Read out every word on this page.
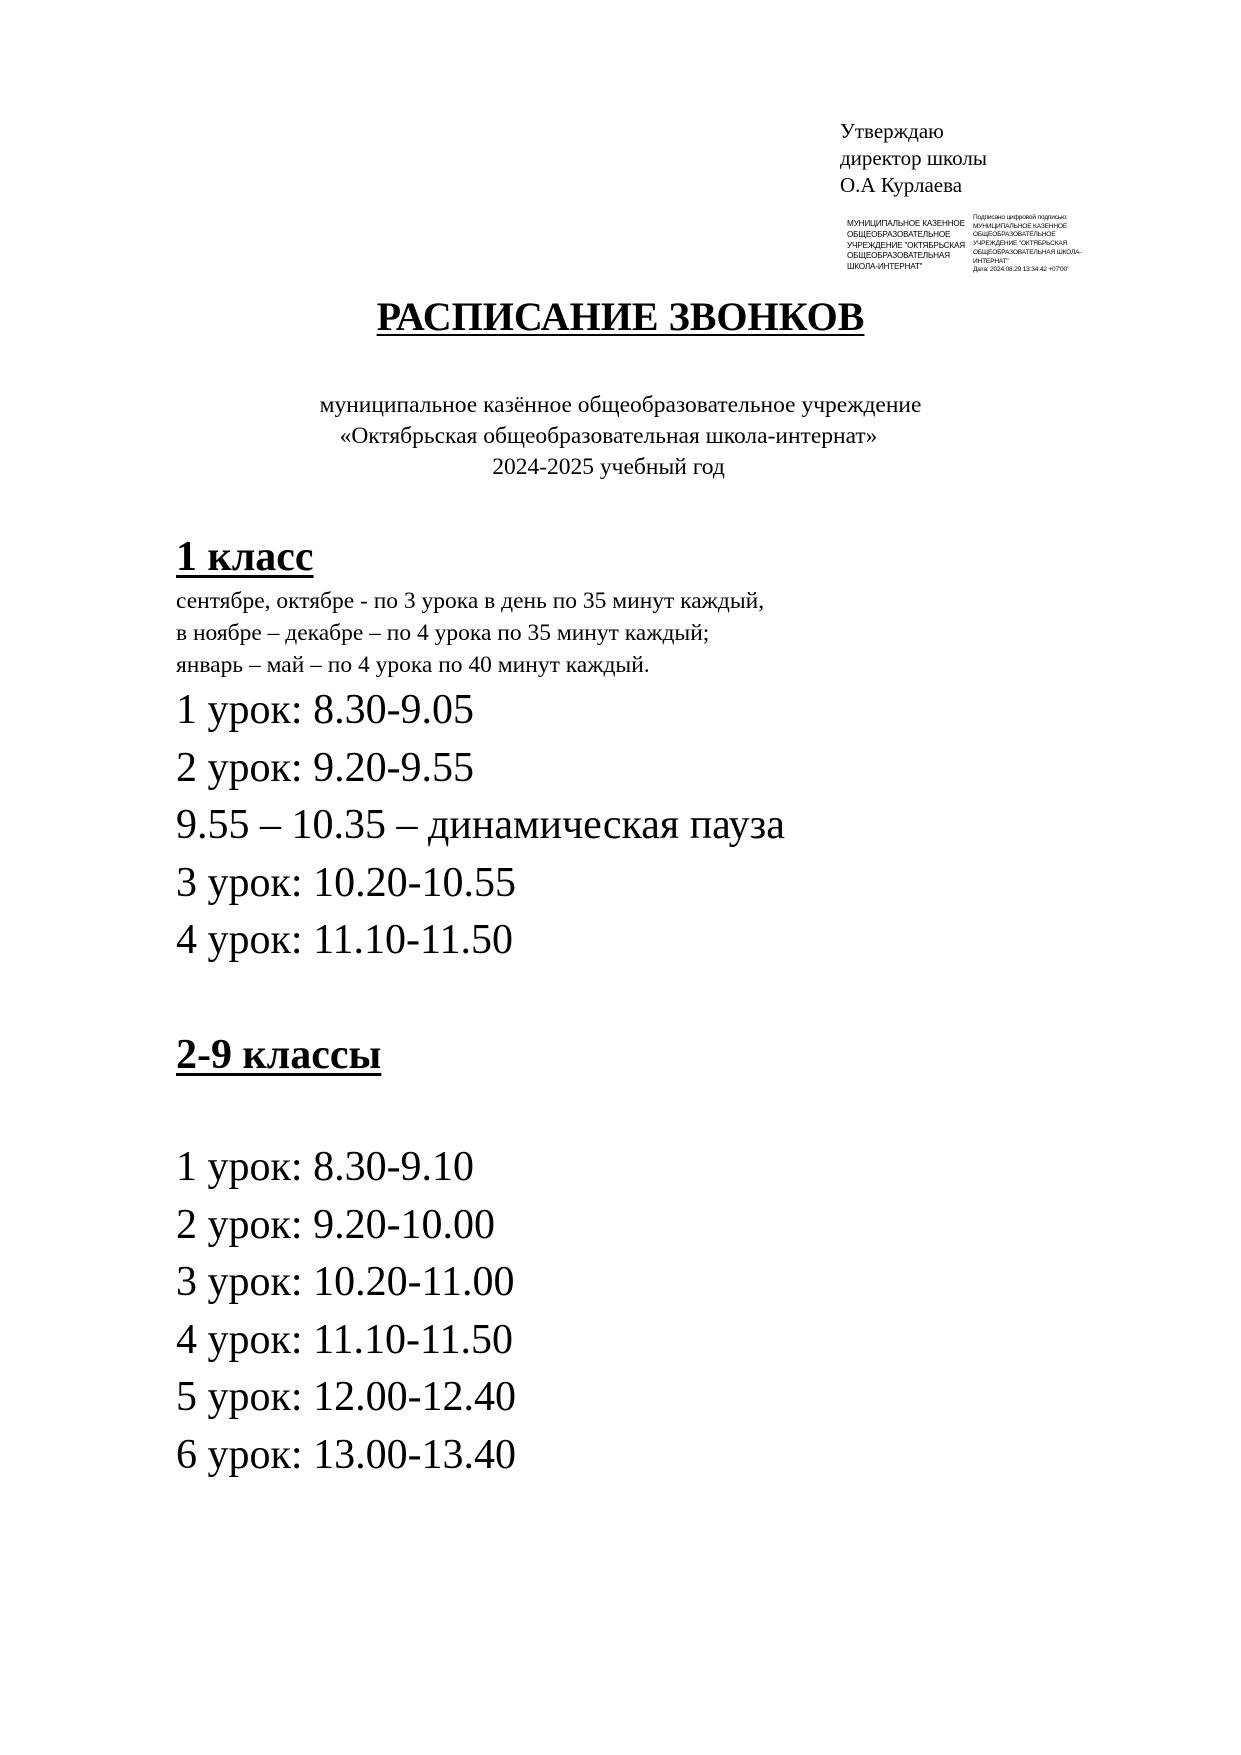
Утверждаю
директор школы
О.А Курлаева
МУНИЦИПАЛЬНОЕ КАЗЕННОЕ
ОБЩЕОБРАЗОВАТЕЛЬНОЕ
УЧРЕЖДЕНИЕ "ОКТЯБРЬСКАЯ
ОБЩЕОБРАЗОВАТЕЛЬНАЯ
ШКОЛА-ИНТЕРНАТ"
Подписано цифровой подписью:
МУНИЦИПАЛЬНОЕ КАЗЕННОЕ
ОБЩЕОБРАЗОВАТЕЛЬНОЕ
УЧРЕЖДЕНИЕ "ОКТЯБРЬСКАЯ
ОБЩЕОБРАЗОВАТЕЛЬНАЯ ШКОЛА-
ИНТЕРНАТ"
Дата: 2024.08.29 13:34:42 +07'00'
РАСПИСАНИЕ ЗВОНКОВ
муниципальное казённое общеобразовательное учреждение
«Октябрьская общеобразовательная школа-интернат»
2024-2025 учебный год
1 класс
сентябре, октябре - по 3 урока в день по 35 минут каждый,
в ноябре – декабре – по 4 урока по 35 минут каждый;
январь – май – по 4 урока по 40 минут каждый.
1 урок: 8.30-9.05
2 урок: 9.20-9.55
9.55 – 10.35 – динамическая пауза
3 урок: 10.20-10.55
4 урок: 11.10-11.50
2-9 классы
1 урок: 8.30-9.10
2 урок: 9.20-10.00
3 урок: 10.20-11.00
4 урок: 11.10-11.50
5 урок: 12.00-12.40
6 урок: 13.00-13.40
